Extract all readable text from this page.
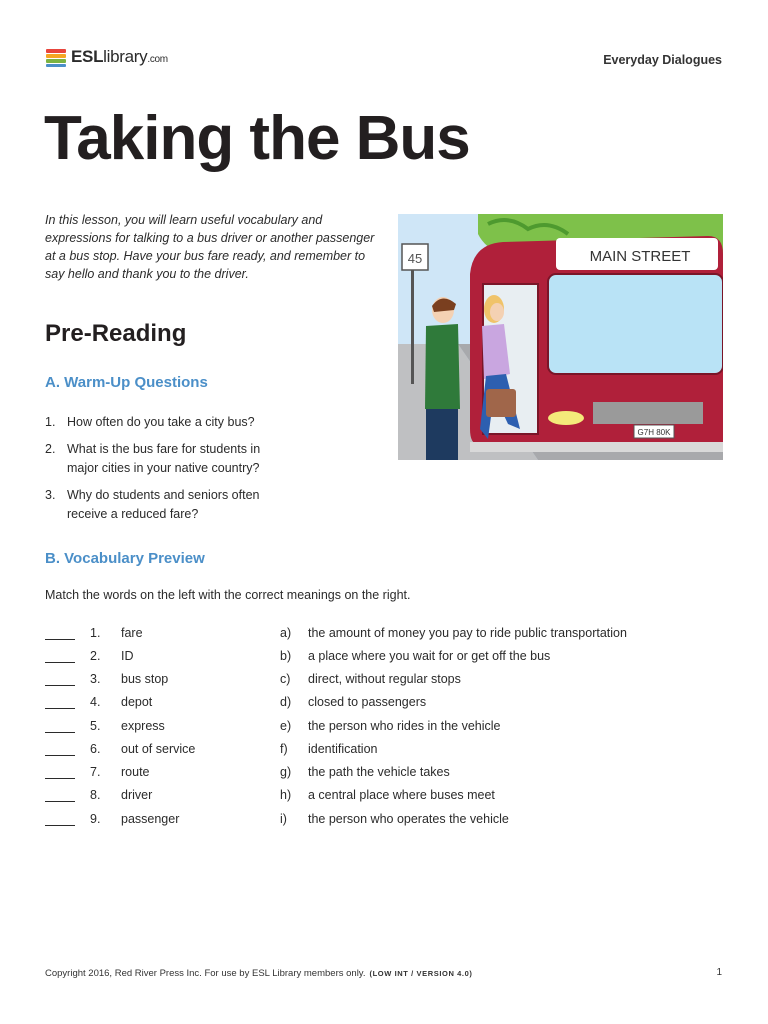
ESLlibrary.com	Everyday Dialogues
Taking the Bus

In this lesson, you will learn useful vocabulary and expressions for talking to a bus driver or another passenger at a bus stop. Have your bus fare ready, and remember to say hello and thank you to the driver.

45	MAIN STREET
G7H 80K
Pre-Reading
A. Warm-Up Questions
1. How often do you take a city bus?
2. What is the bus fare for students in major cities in your native country?
3. Why do students and seniors often receive a reduced fare?
B. Vocabulary Preview

Match the words on the left with the correct meanings on the right.

1. fare	a) the amount of money you pay to ride public transportation
2. ID	b) a place where you wait for or get off the bus
3. bus stop	c) direct, without regular stops
4. depot	d) closed to passengers
5. express	e) the person who rides in the vehicle
6. out of service	f) identification
7. route	g) the path the vehicle takes
8. driver	h) a central place where buses meet
9. passenger	i) the person who operates the vehicle
Copyright 2016, Red River Press Inc. For use by ESL Library members only. (LOW INT / VERSION 4.0)	1
